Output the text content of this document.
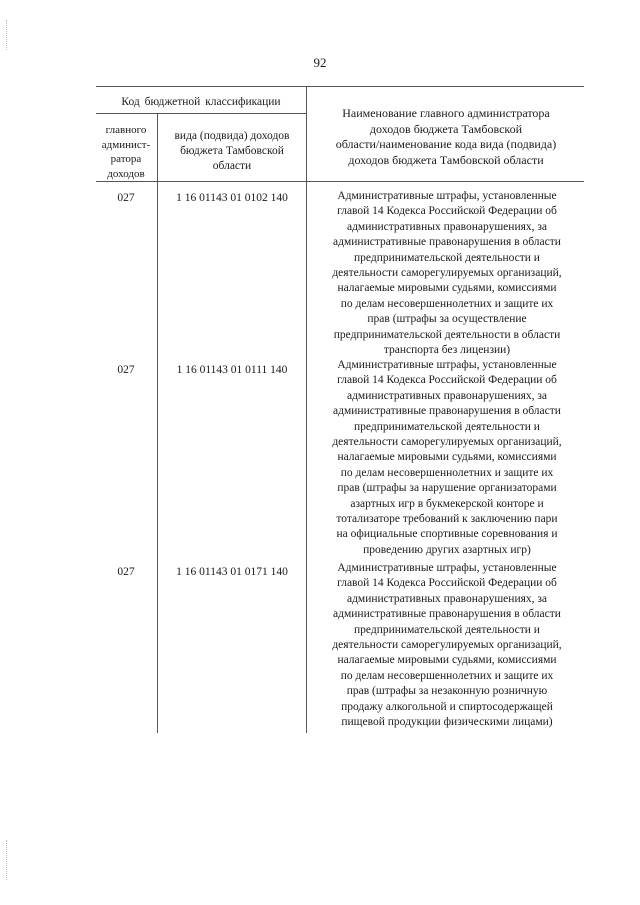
92
Код бюджетной классификации
главного
админист-
ратора
доходов
вида (подвида) доходов
бюджета Тамбовской
области
Наименование главного администратора
доходов бюджета Тамбовской
области/наименование кода вида (подвида)
доходов бюджета Тамбовской области
027	1 16 01143 01 0102 140	Административные штрафы, установленные
главой 14 Кодекса Российской Федерации об
административных правонарушениях, за
административные правонарушения в области
предпринимательской деятельности и
деятельности саморегулируемых организаций,
налагаемые мировыми судьями, комиссиями
по делам несовершеннолетних и защите их
прав (штрафы за осуществление
предпринимательской деятельности в области
транспорта без лицензии)
027	1 16 01143 01 0111 140	Административные штрафы, установленные
главой 14 Кодекса Российской Федерации об
административных правонарушениях, за
административные правонарушения в области
предпринимательской деятельности и
деятельности саморегулируемых организаций,
налагаемые мировыми судьями, комиссиями
по делам несовершеннолетних и защите их
прав (штрафы за нарушение организаторами
азартных игр в букмекерской конторе и
тотализаторе требований к заключению пари
на официальные спортивные соревнования и
проведению других азартных игр)
027	1 16 01143 01 0171 140	Административные штрафы, установленные
главой 14 Кодекса Российской Федерации об
административных правонарушениях, за
административные правонарушения в области
предпринимательской деятельности и
деятельности саморегулируемых организаций,
налагаемые мировыми судьями, комиссиями
по делам несовершеннолетних и защите их
прав (штрафы за незаконную розничную
продажу алкогольной и спиртосодержащей
пищевой продукции физическими лицами)
